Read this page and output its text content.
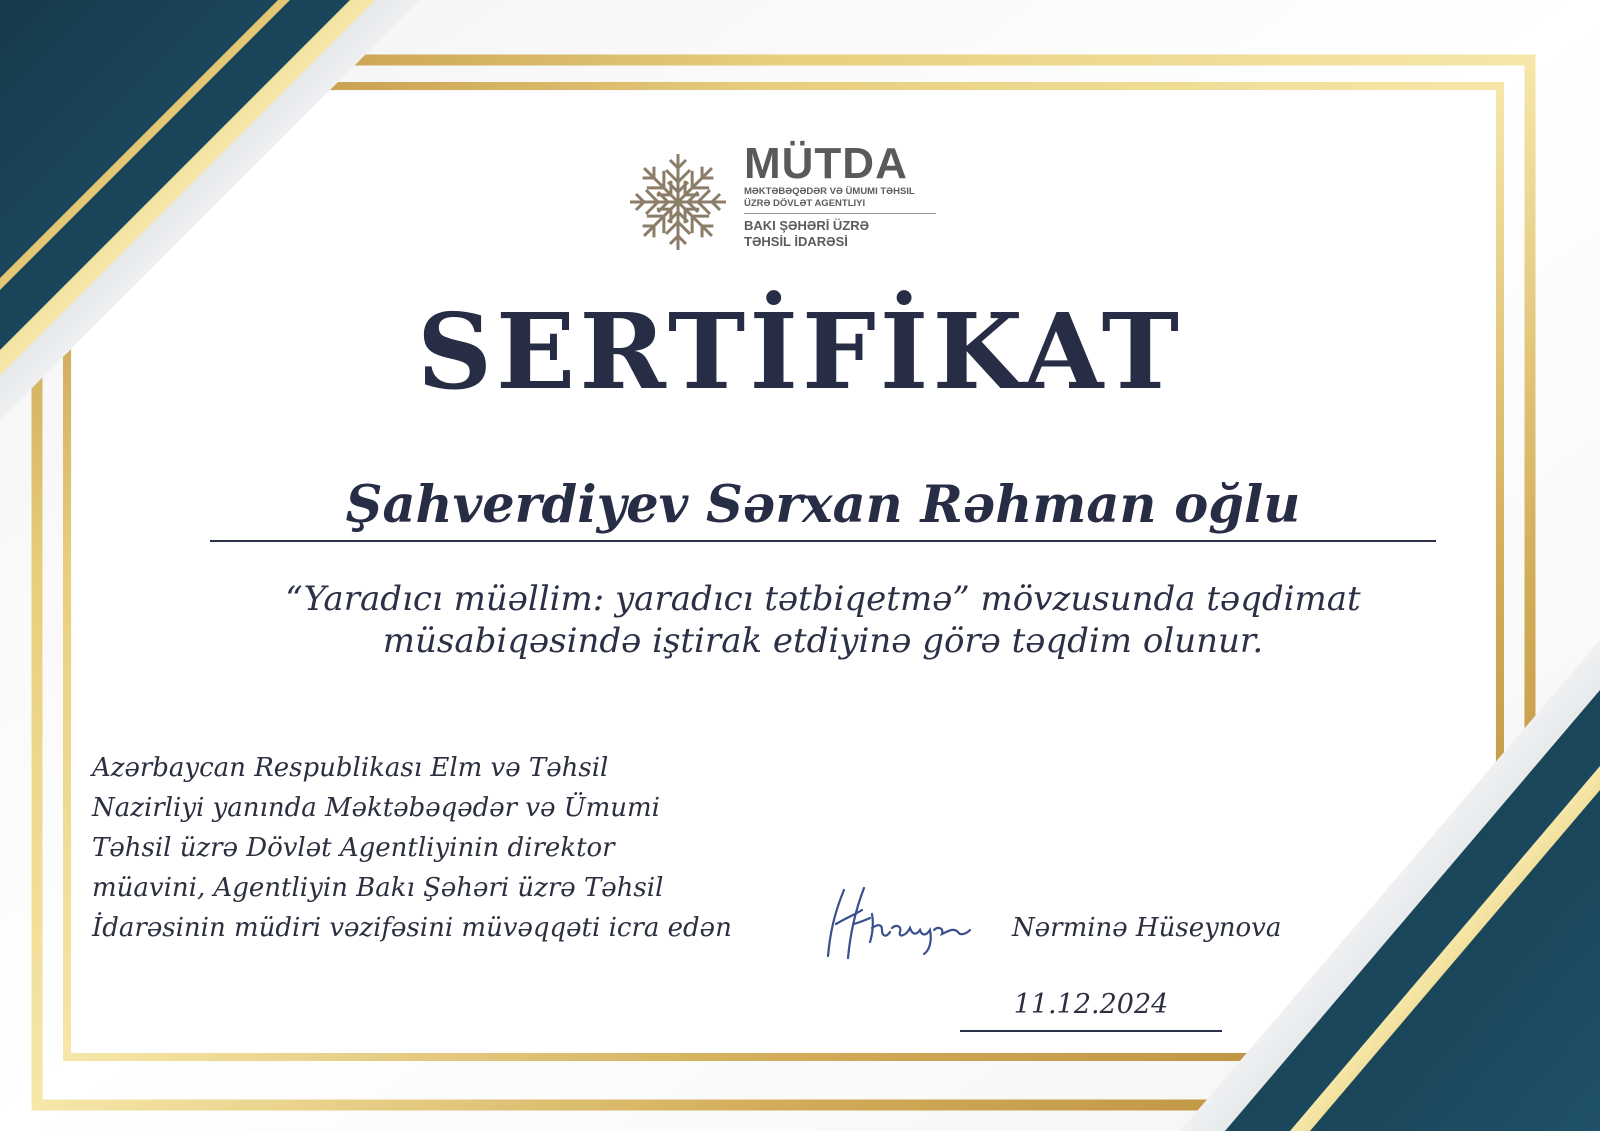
MÜTDA
MƏKTƏBƏQƏDƏR VƏ ÜMUMI TƏHSIL
ÜZRƏ DÖVLƏT AGENTLIYI
BAKI ŞƏHƏRİ ÜZRƏ
TƏHSİL İDARƏSİ
SERTİFİKAT
Şahverdiyev Sərxan Rəhman oğlu
“Yaradıcı müəllim: yaradıcı tətbiqetmə” mövzusunda təqdimat müsabiqəsində iştirak etdiyinə görə təqdim olunur.
Azərbaycan Respublikası Elm və Təhsil
Nazirliyi yanında Məktəbəqədər və Ümumi
Təhsil üzrə Dövlət Agentliyinin direktor
müavini, Agentliyin Bakı Şəhəri üzrə Təhsil
İdarəsinin müdiri vəzifəsini müvəqqəti icra edən	Nərminə Hüseynova
11.12.2024
